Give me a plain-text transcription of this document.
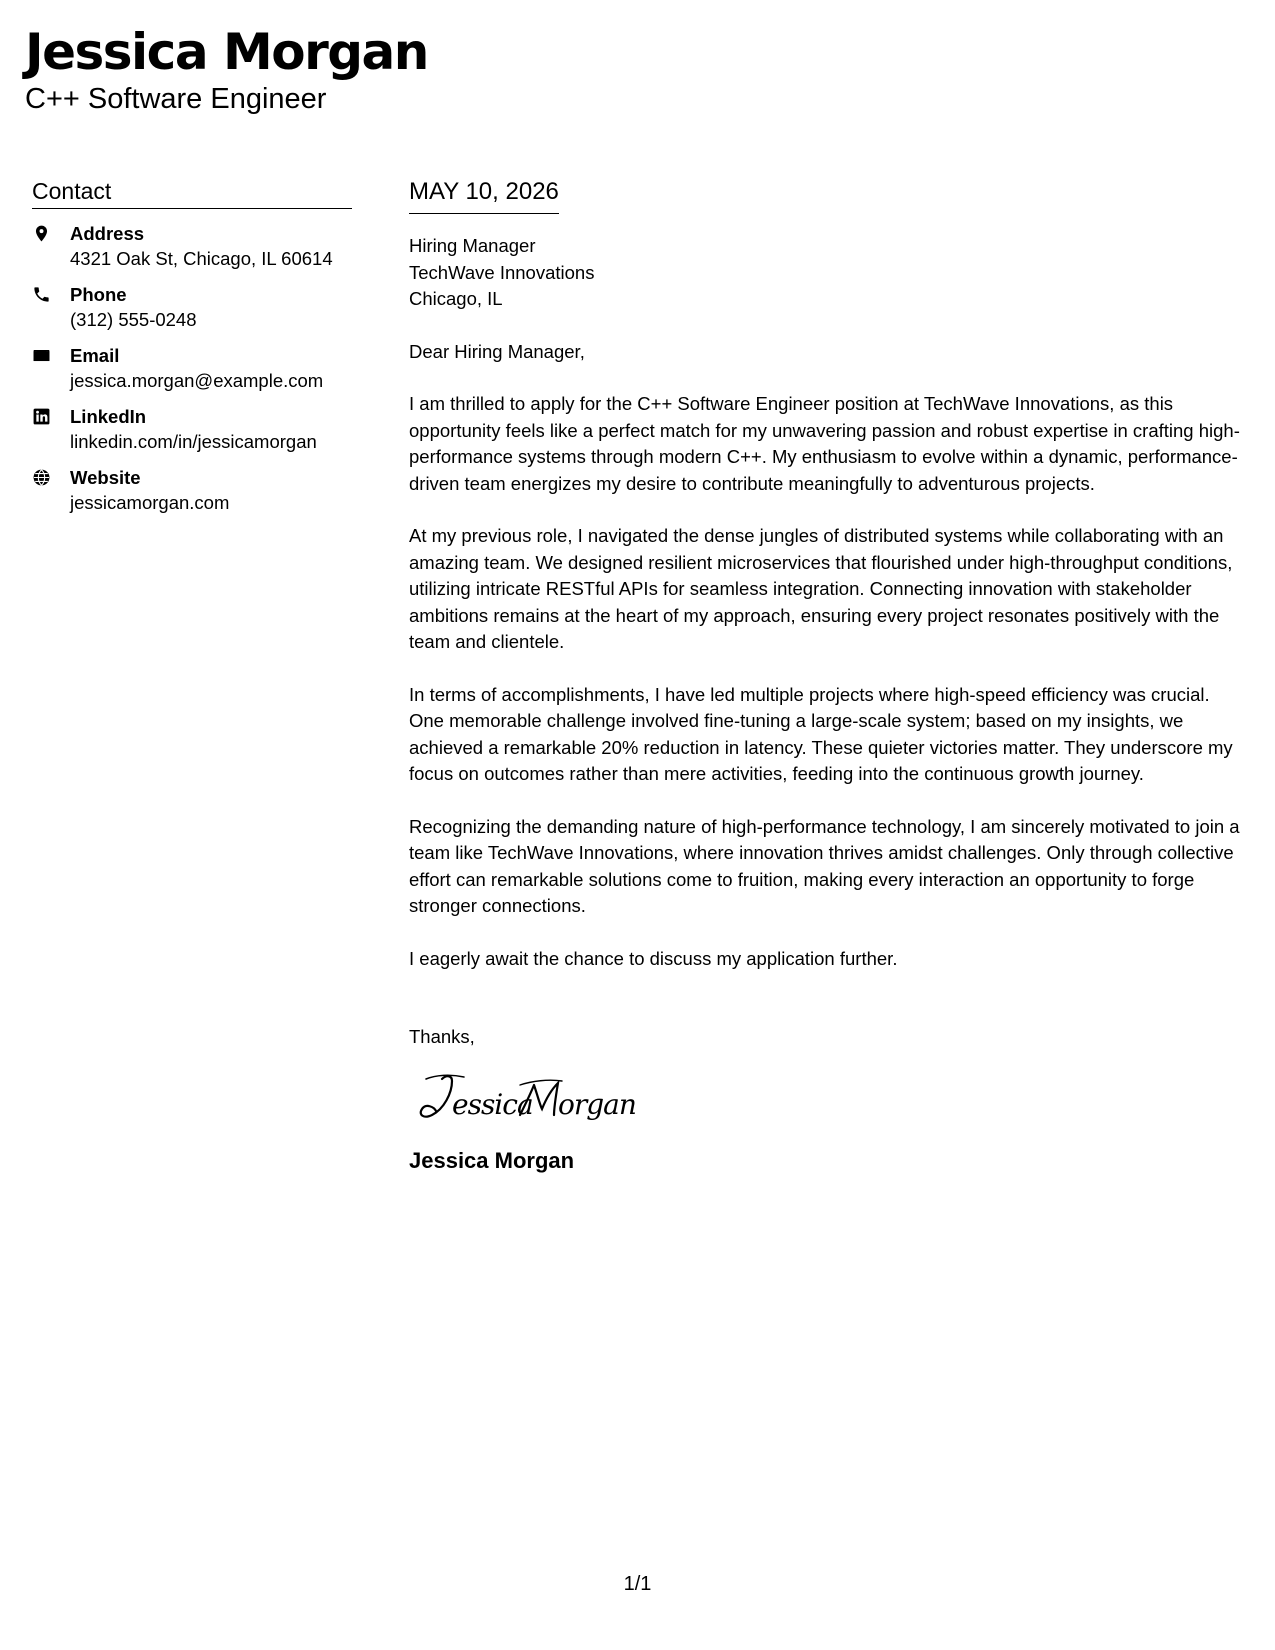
Jessica Morgan
C++ Software Engineer
Contact
Address
4321 Oak St, Chicago, IL 60614
Phone
(312) 555-0248
Email
jessica.morgan@example.com
LinkedIn
linkedin.com/in/jessicamorgan
Website
jessicamorgan.com
MAY 10, 2026
Hiring Manager
TechWave Innovations
Chicago, IL

Dear Hiring Manager,

I am thrilled to apply for the C++ Software Engineer position at TechWave Innovations, as this opportunity feels like a perfect match for my unwavering passion and robust expertise in crafting high-performance systems through modern C++. My enthusiasm to evolve within a dynamic, performance-driven team energizes my desire to contribute meaningfully to adventurous projects.

At my previous role, I navigated the dense jungles of distributed systems while collaborating with an amazing team. We designed resilient microservices that flourished under high-throughput conditions, utilizing intricate RESTful APIs for seamless integration. Connecting innovation with stakeholder ambitions remains at the heart of my approach, ensuring every project resonates positively with the team and clientele.

In terms of accomplishments, I have led multiple projects where high-speed efficiency was crucial. One memorable challenge involved fine-tuning a large-scale system; based on my insights, we achieved a remarkable 20% reduction in latency. These quieter victories matter. They underscore my focus on outcomes rather than mere activities, feeding into the continuous growth journey.

Recognizing the demanding nature of high-performance technology, I am sincerely motivated to join a team like TechWave Innovations, where innovation thrives amidst challenges. Only through collective effort can remarkable solutions come to fruition, making every interaction an opportunity to forge stronger connections.

I eagerly await the chance to discuss my application further.

Thanks,
essica organ
Jessica Morgan
1/1
